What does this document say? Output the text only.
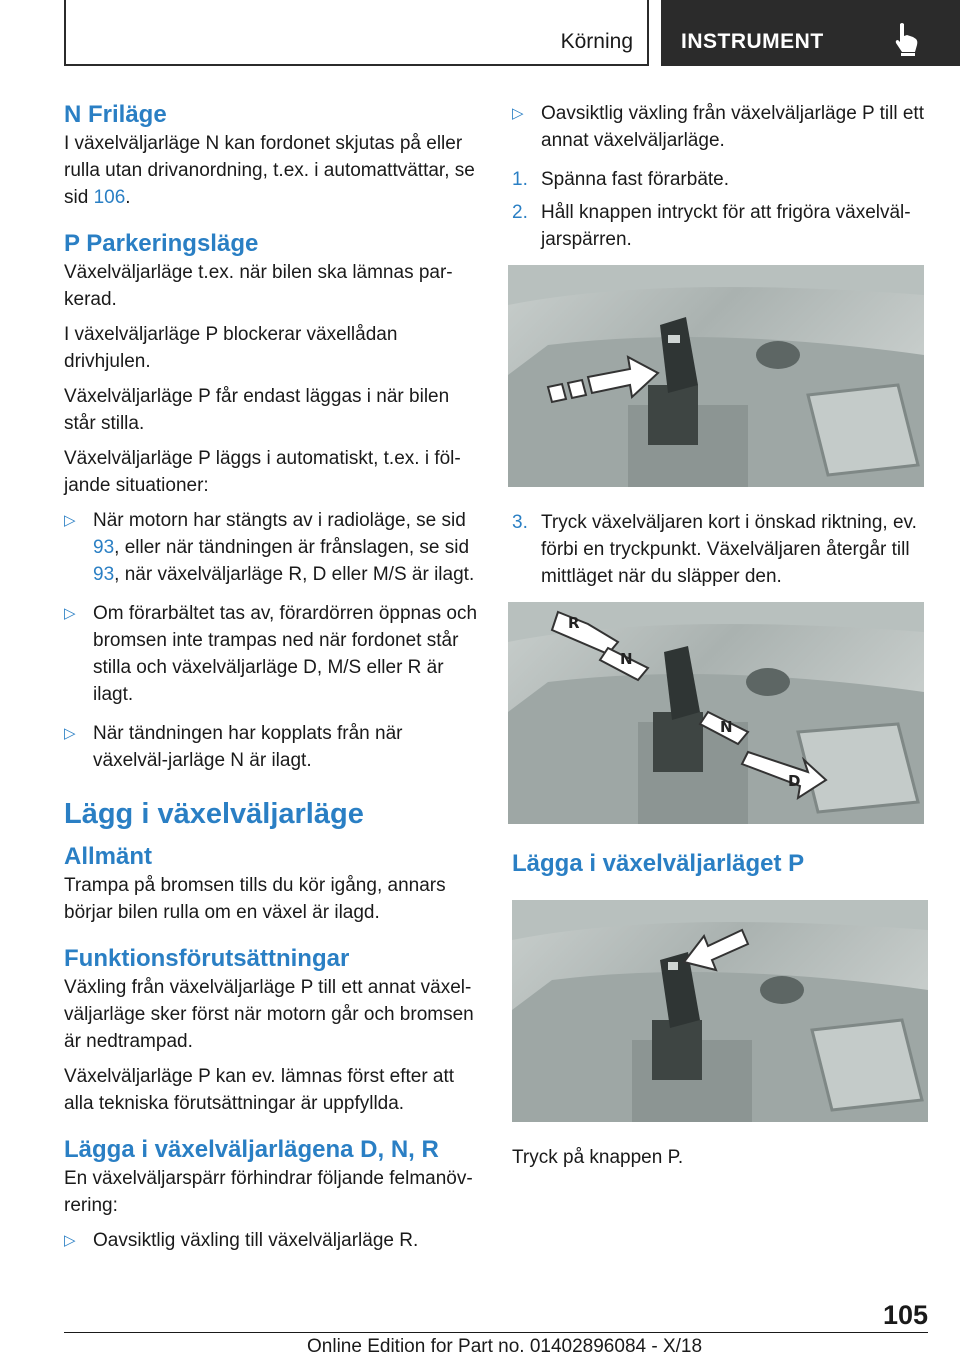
Körning INSTRUMENT
N Friläge

I växelväljarläge N kan fordonet skjutas på eller rulla utan drivanordning, t.ex. i automattvättar, se sid 106.

P Parkeringsläge

Växelväljarläge t.ex. när bilen ska lämnas par-kerad.

I växelväljarläge P blockerar växellådan drivhjulen.

Växelväljarläge P får endast läggas i när bilen står stilla.

Växelväljarläge P läggs i automatiskt, t.ex. i föl-jande situationer:

▷ När motorn har stängts av i radioläge, se sid 93, eller när tändningen är frånslagen, se sid 93, när växelväljarläge R, D eller M/S är ilagt.
▷ Om förarbältet tas av, förardörren öppnas och bromsen inte trampas ned när fordonet står stilla och växelväljarläge D, M/S eller R är ilagt.
▷ När tändningen har kopplats från när växelväl-jarläge N är ilagt.
Lägg i växelväljarläge
Allmänt

Trampa på bromsen tills du kör igång, annars börjar bilen rulla om en växel är ilagd.

Funktionsförutsättningar

Växling från växelväljarläge P till ett annat växel-väljarläge sker först när motorn går och bromsen är nedtrampad.

Växelväljarläge P kan ev. lämnas först efter att alla tekniska förutsättningar är uppfyllda.

Lägga i växelväljarlägena D, N, R

En växelväljarspärr förhindrar följande felmanöv-rering:

▷ Oavsiktlig växling till växelväljarläge R.
▷ Oavsiktlig växling från växelväljarläge P till ett annat växelväljarläge.
1. Spänna fast förarbäte.
2. Håll knappen intryckt för att frigöra växelväl-jarspärren.
3. Tryck växelväljaren kort i önskad riktning, ev. förbi en tryckpunkt. Växelväljaren återgår till mittläget när du släpper den.
R
N
N
D
Lägga i växelväljarläget P

Tryck på knappen P.

105
Online Edition for Part no. 01402896084 - X/18
